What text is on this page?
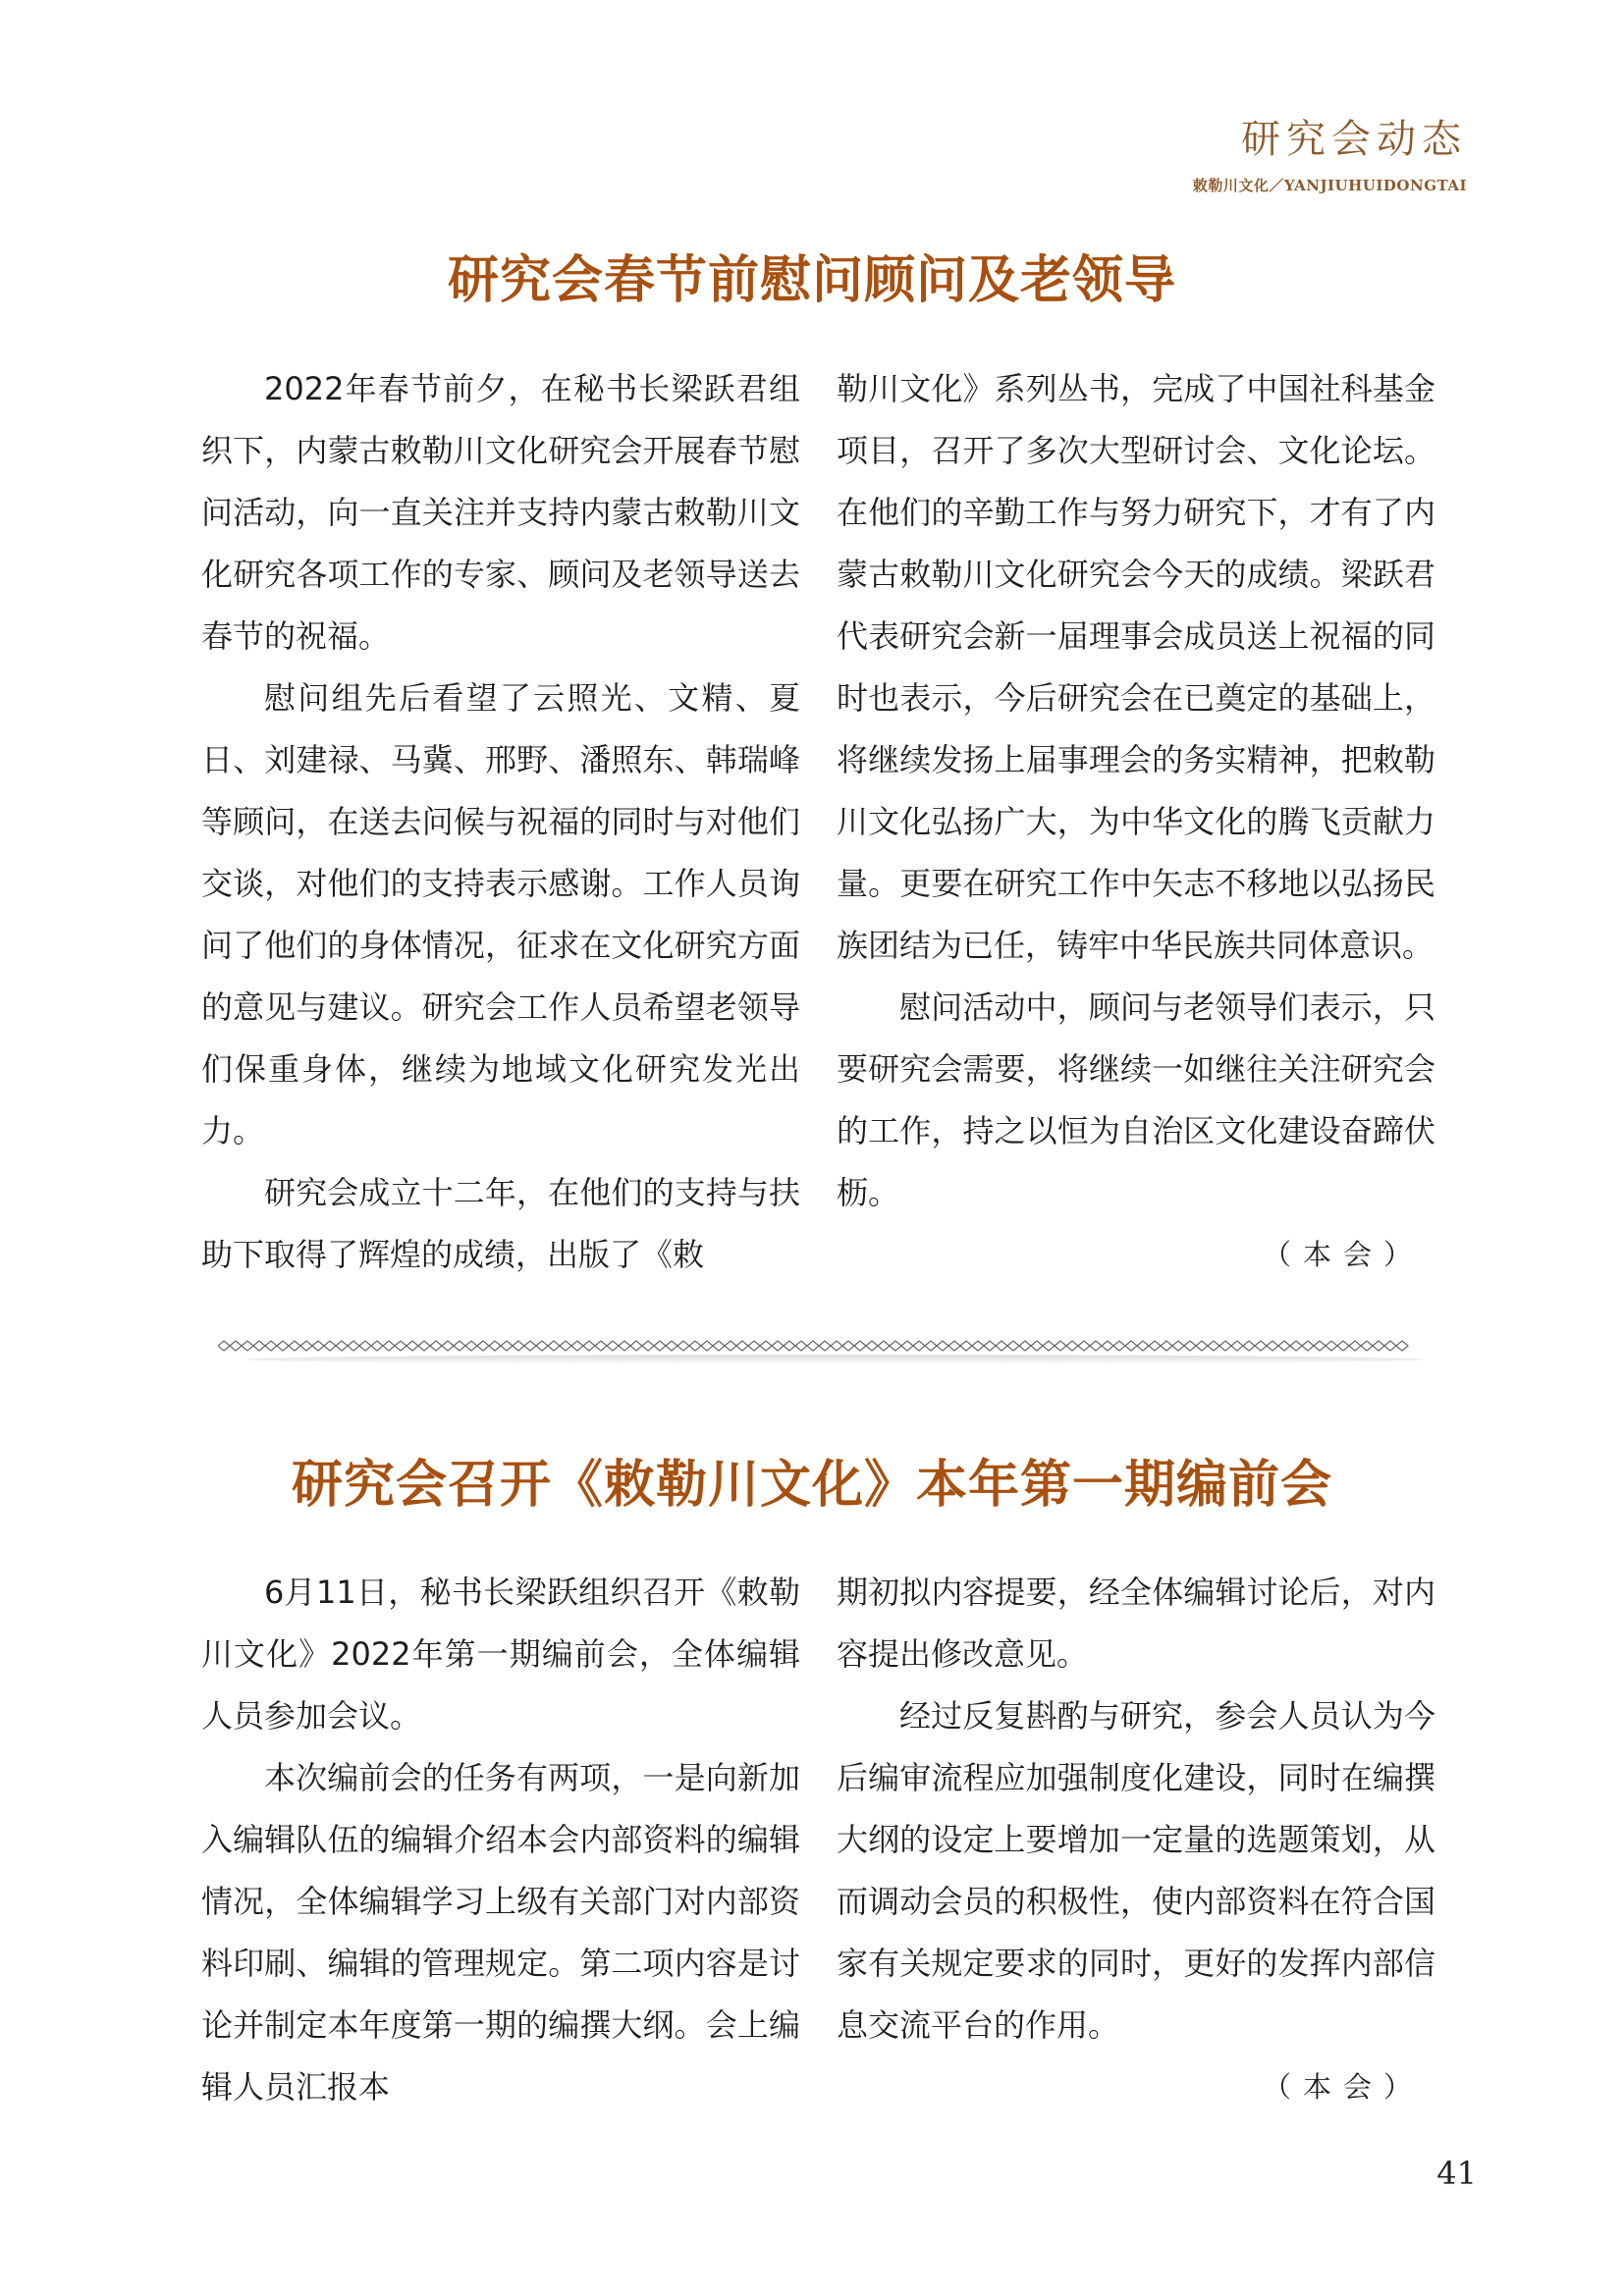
研究会动态
敕勒川文化／YANJIUHUIDONGTAI
研究会春节前慰问顾问及老领导

2022年春节前夕，在秘书长梁跃君组织下，内蒙古敕勒川文化研究会开展春节慰问活动，向一直关注并支持内蒙古敕勒川文化研究各项工作的专家、顾问及老领导送去春节的祝福。

慰问组先后看望了云照光、文精、夏日、刘建禄、马冀、邢野、潘照东、韩瑞峰等顾问，在送去问候与祝福的同时与对他们交谈，对他们的支持表示感谢。工作人员询问了他们的身体情况，征求在文化研究方面的意见与建议。研究会工作人员希望老领导们保重身体，继续为地域文化研究发光出力。

研究会成立十二年，在他们的支持与扶助下取得了辉煌的成绩，出版了《敕

勒川文化》系列丛书，完成了中国社科基金项目，召开了多次大型研讨会、文化论坛。在他们的辛勤工作与努力研究下，才有了内蒙古敕勒川文化研究会今天的成绩。梁跃君代表研究会新一届理事会成员送上祝福的同时也表示，今后研究会在已奠定的基础上，将继续发扬上届事理会的务实精神，把敕勒川文化弘扬广大，为中华文化的腾飞贡献力量。更要在研究工作中矢志不移地以弘扬民族团结为已任，铸牢中华民族共同体意识。

慰问活动中，顾问与老领导们表示，只要研究会需要，将继续一如继往关注研究会的工作，持之以恒为自治区文化建设奋蹄伏枥。

（本会）

研究会召开《敕勒川文化》本年第一期编前会

6月11日，秘书长梁跃组织召开《敕勒川文化》2022年第一期编前会，全体编辑人员参加会议。

本次编前会的任务有两项，一是向新加入编辑队伍的编辑介绍本会内部资料的编辑情况，全体编辑学习上级有关部门对内部资料印刷、编辑的管理规定。第二项内容是讨论并制定本年度第一期的编撰大纲。会上编辑人员汇报本

期初拟内容提要，经全体编辑讨论后，对内容提出修改意见。

经过反复斟酌与研究，参会人员认为今后编审流程应加强制度化建设，同时在编撰大纲的设定上要增加一定量的选题策划，从而调动会员的积极性，使内部资料在符合国家有关规定要求的同时，更好的发挥内部信息交流平台的作用。

（本会）

41
